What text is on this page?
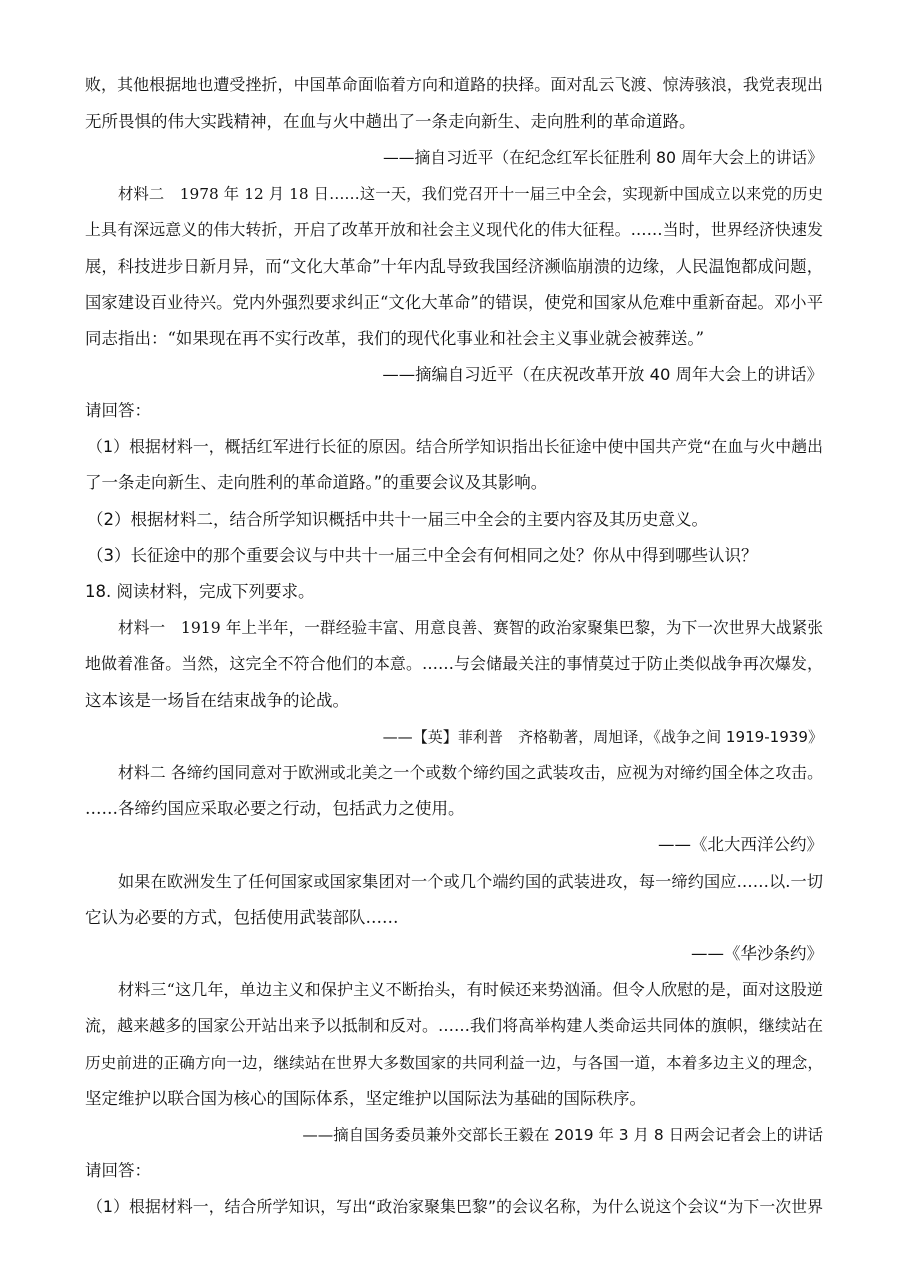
败，其他根据地也遭受挫折，中国革命面临着方向和道路的抉择。面对乱云飞渡、惊涛骇浪，我党表现出
无所畏惧的伟大实践精神，在血与火中趟出了一条走向新生、走向胜利的革命道路。
——摘自习近平（在纪念红军长征胜利 80 周年大会上的讲话》
材料二　1978 年 12 月 18 日……这一天，我们党召开十一届三中全会，实现新中国成立以来党的历史
上具有深远意义的伟大转折，开启了改革开放和社会主义现代化的伟大征程。……当时，世界经济快速发
展，科技进步日新月异，而“文化大革命”十年内乱导致我国经济濒临崩溃的边缘，人民温饱都成问题，
国家建设百业待兴。党内外强烈要求纠正“文化大革命”的错误，使党和国家从危难中重新奋起。邓小平
同志指出：“如果现在再不实行改革，我们的现代化事业和社会主义事业就会被葬送。”
——摘编自习近平（在庆祝改革开放 40 周年大会上的讲话》
请回答：
（1）根据材料一，概括红军进行长征的原因。结合所学知识指出长征途中使中国共产党“在血与火中趟出
了一条走向新生、走向胜利的革命道路。”的重要会议及其影响。
（2）根据材料二，结合所学知识概括中共十一届三中全会的主要内容及其历史意义。
（3）长征途中的那个重要会议与中共十一届三中全会有何相同之处？你从中得到哪些认识？
18. 阅读材料，完成下列要求。
材料一　1919 年上半年，一群经验丰富、用意良善、赛智的政治家聚集巴黎，为下一次世界大战紧张
地做着准备。当然，这完全不符合他们的本意。……与会储最关注的事情莫过于防止类似战争再次爆发，
这本该是一场旨在结束战争的论战。
——【英】菲利普　齐格勒著，周旭译，《战争之间 1919-1939》
材料二 各缔约国同意对于欧洲或北美之一个或数个缔约国之武装攻击，应视为对缔约国全体之攻击。
……各缔约国应采取必要之行动，包括武力之使用。
——《北大西洋公约》
如果在欧洲发生了任何国家或国家集团对一个或几个端约国的武装进攻，每一缔约国应……以.一切
它认为必要的方式，包括使用武装部队……
——《华沙条约》
材料三“这几年，单边主义和保护主义不断抬头，有时候还来势汹涌。但令人欣慰的是，面对这股逆
流，越来越多的国家公开站出来予以抵制和反对。……我们将高举构建人类命运共同体的旗帜，继续站在
历史前进的正确方向一边，继续站在世界大多数国家的共同利益一边，与各国一道，本着多边主义的理念，
坚定维护以联合国为核心的国际体系，坚定维护以国际法为基础的国际秩序。
——摘自国务委员兼外交部长王毅在 2019 年 3 月 8 日两会记者会上的讲话
请回答：
（1）根据材料一，结合所学知识，写出“政治家聚集巴黎”的会议名称，为什么说这个会议“为下一次世界
